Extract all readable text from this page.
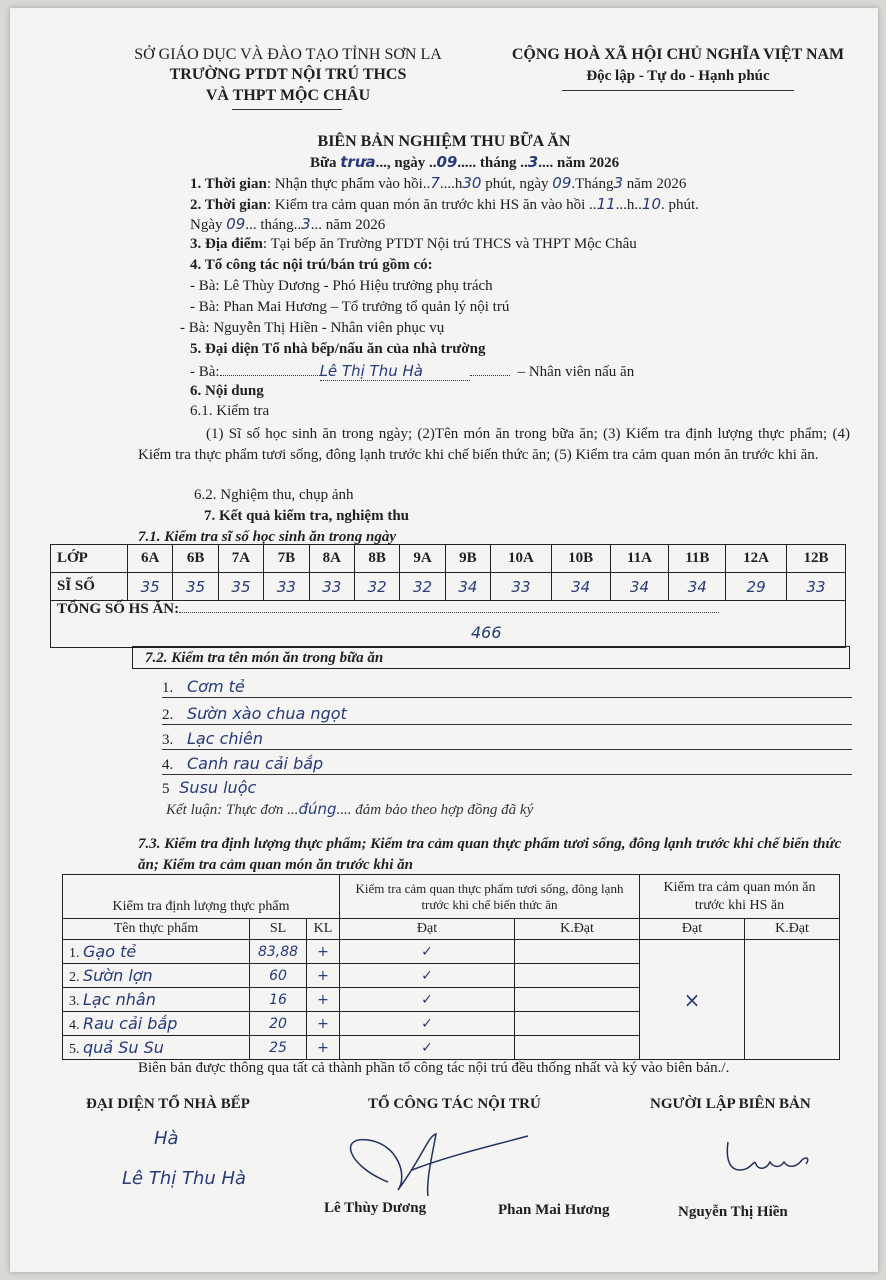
SỞ GIÁO DỤC VÀ ĐÀO TẠO TỈNH SƠN LA
TRƯỜNG PTDT NỘI TRÚ THCS
VÀ THPT MỘC CHÂU
CỘNG HOÀ XÃ HỘI CHỦ NGHĨA VIỆT NAM
Độc lập - Tự do - Hạnh phúc
BIÊN BẢN NGHIỆM THU BỮA ĂN
Bữa trưa..., ngày ..09..... tháng ..3.... năm 2026
1. Thời gian: Nhận thực phẩm vào hồi..7....h30 phút, ngày 09.Tháng3 năm 2026
2. Thời gian: Kiểm tra cảm quan món ăn trước khi HS ăn vào hồi ..11...h..10. phút.
Ngày 09... tháng..3... năm 2026
3. Địa điểm: Tại bếp ăn Trường PTDT Nội trú THCS và THPT Mộc Châu
4. Tổ công tác nội trú/bán trú gồm có:
- Bà: Lê Thùy Dương - Phó Hiệu trưởng phụ trách
- Bà: Phan Mai Hương – Tổ trưởng tổ quản lý nội trú
- Bà: Nguyễn Thị Hiền - Nhân viên phục vụ
5. Đại diện Tổ nhà bếp/nấu ăn của nhà trường
- Bà:	Lê Thị Thu Hà	– Nhân viên nấu ăn
6. Nội dung
6.1. Kiểm tra
(1) Sĩ số học sinh ăn trong ngày; (2)Tên món ăn trong bữa ăn; (3) Kiểm tra định lượng thực phẩm; (4) Kiểm tra thực phẩm tươi sống, đông lạnh trước khi chế biến thức ăn; (5) Kiểm tra cảm quan món ăn trước khi ăn.
6.2. Nghiệm thu, chụp ảnh
7. Kết quả kiểm tra, nghiệm thu
7.1. Kiểm tra sĩ số học sinh ăn trong ngày
LỚP	6A	6B	7A	7B	8A	8B	9A	9B	10A	10B	11A	11B	12A	12B
SĨ SỐ	35	35	35	33	33	32	32	34	33	34	34	34	29	33
TỔNG SỐ HS ĂN:
466														
7.2. Kiểm tra tên món ăn trong bữa ăn
1. Cơm tẻ
2. Sườn xào chua ngọt
3. Lạc chiên
4. Canh rau cải bắp
5 Susu luộc
Kết luận: Thực đơn ...đúng.... đảm bảo theo hợp đồng đã ký
7.3. Kiểm tra định lượng thực phẩm; Kiểm tra cảm quan thực phẩm tươi sống, đông lạnh trước khi chế biến thức ăn; Kiểm tra cảm quan món ăn trước khi ăn
Kiểm tra định lượng thực phẩm			Kiểm tra cảm quan thực phẩm tươi sống, đông lạnh trước khi chế biến thức ăn		Kiểm tra cảm quan món ăn trước khi HS ăn	
Tên thực phẩm	SL	KL	Đạt	K.Đạt	Đạt	K.Đạt
1. Gạo tẻ	83,88	+	✓		×	
2. Sườn lợn	60	+	✓			
3. Lạc nhân	16	+	✓			
4. Rau cải bắp	20	+	✓			
5. quả Su Su	25	+	✓			
Biên bản được thông qua tất cả thành phần tổ công tác nội trú đều thống nhất và ký vào biên bản./.
ĐẠI DIỆN TỔ NHÀ BẾP	TỔ CÔNG TÁC NỘI TRÚ	NGƯỜI LẬP BIÊN BẢN
Hà
Lê Thị Thu Hà
Lê Thùy Dương	Phan Mai Hương	Nguyễn Thị Hiền
